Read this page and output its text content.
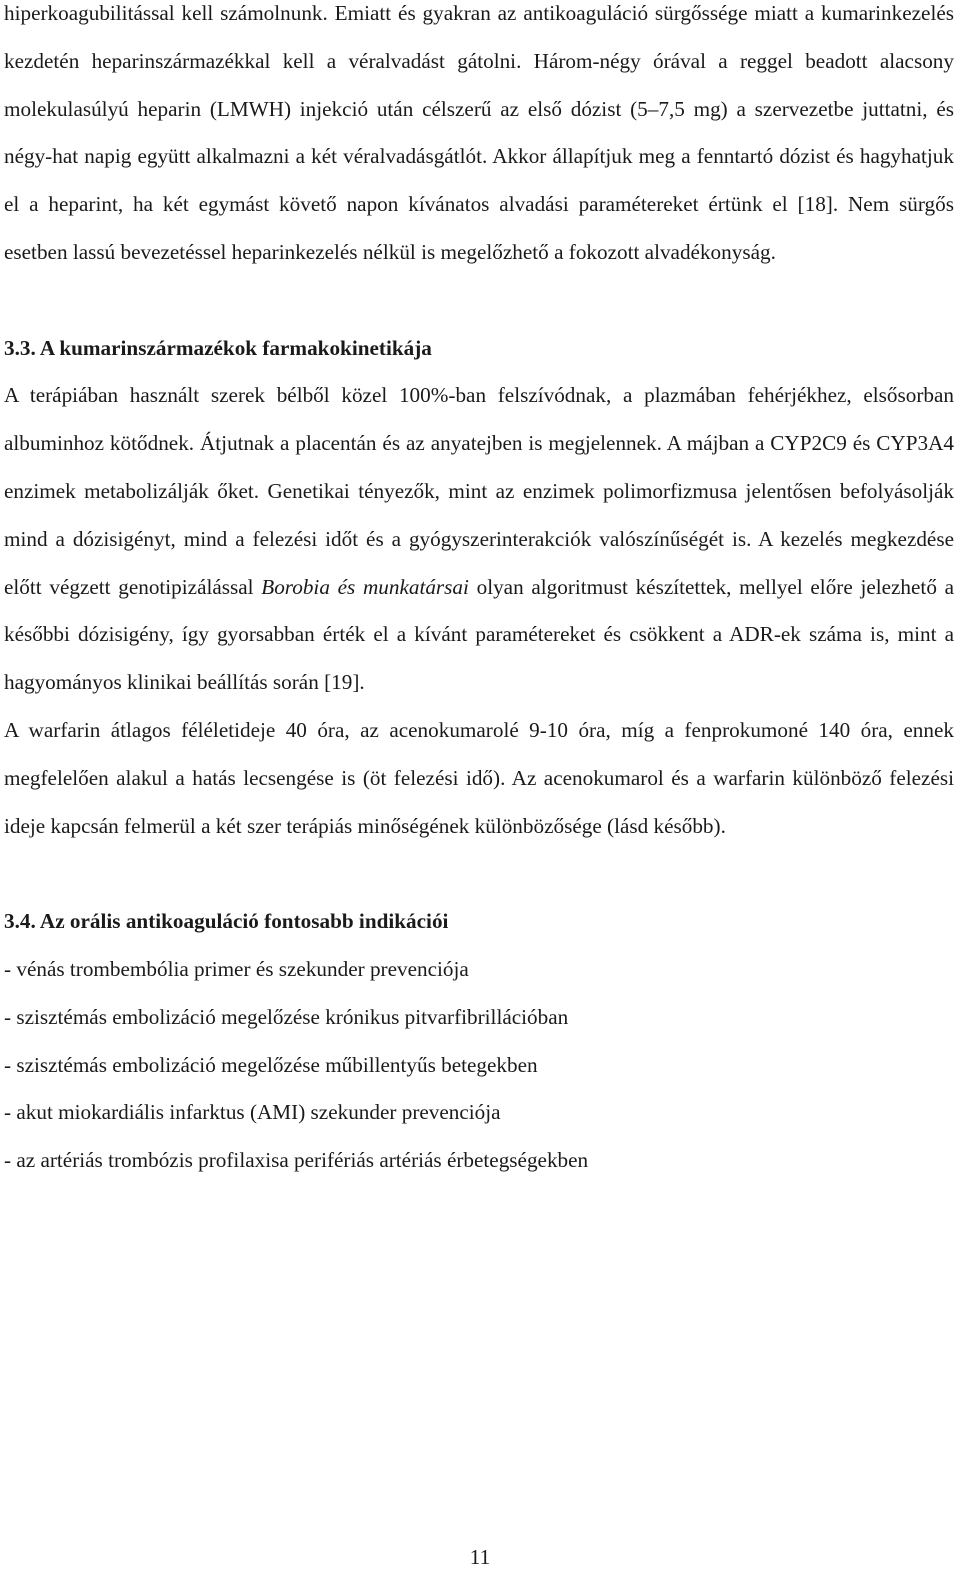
hiperkoagubilitással kell számolnunk. Emiatt és gyakran az antikoaguláció sürgőssége miatt a kumarinkezelés kezdetén heparinszármazékkal kell a véralvadást gátolni. Három-négy órával a reggel beadott alacsony molekulasúlyú heparin (LMWH) injekció után célszerű az első dózist (5–7,5 mg) a szervezetbe juttatni, és négy-hat napig együtt alkalmazni a két véralvadásgátlót. Akkor állapítjuk meg a fenntartó dózist és hagyhatjuk el a heparint, ha két egymást követő napon kívánatos alvadási paramétereket értünk el [18]. Nem sürgős esetben lassú bevezetéssel heparinkezelés nélkül is megelőzhető a fokozott alvadékonyság.

3.3. A kumarinszármazékok farmakokinetikája

A terápiában használt szerek bélből közel 100%-ban felszívódnak, a plazmában fehérjékhez, elsősorban albuminhoz kötődnek. Átjutnak a placentán és az anyatejben is megjelennek. A májban a CYP2C9 és CYP3A4 enzimek metabolizálják őket. Genetikai tényezők, mint az enzimek polimorfizmusa jelentősen befolyásolják mind a dózisigényt, mind a felezési időt és a gyógyszerinterakciók valószínűségét is. A kezelés megkezdése előtt végzett genotipizálással Borobia és munkatársai olyan algoritmust készítettek, mellyel előre jelezhető a későbbi dózisigény, így gyorsabban érték el a kívánt paramétereket és csökkent a ADR-ek száma is, mint a hagyományos klinikai beállítás során [19].

A warfarin átlagos féléletideje 40 óra, az acenokumarolé 9-10 óra, míg a fenprokumoné 140 óra, ennek megfelelően alakul a hatás lecsengése is (öt felezési idő). Az acenokumarol és a warfarin különböző felezési ideje kapcsán felmerül a két szer terápiás minőségének különbözősége (lásd később).

3.4. Az orális antikoaguláció fontosabb indikációi
- vénás trombembólia primer és szekunder prevenciója
- szisztémás embolizáció megelőzése krónikus pitvarfibrillációban
- szisztémás embolizáció megelőzése műbillentyűs betegekben
- akut miokardiális infarktus (AMI) szekunder prevenciója
- az artériás trombózis profilaxisa perifériás artériás érbetegségekben
11
